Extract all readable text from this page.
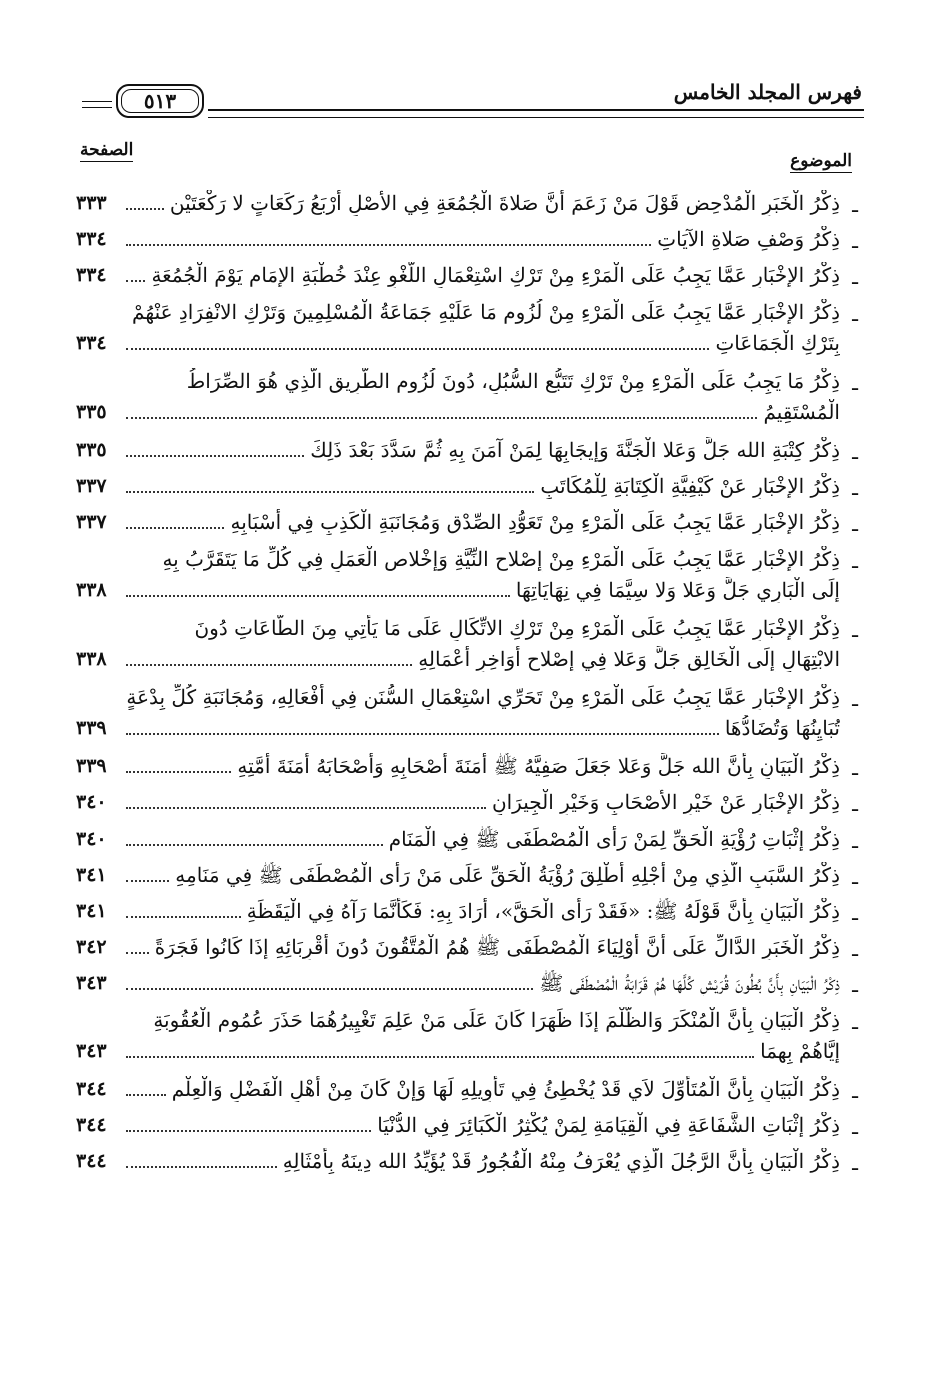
فهرس المجلد الخامس
٥١٣
الموضوع
الصفحة
ـ
ذِكْرُ الْخَبَرِ الْمُدْحِضِ قَوْلَ مَنْ زَعَمَ أَنَّ صَلاةَ الْجُمُعَةِ فِي الأَصْلِ أَرْبَعُ رَكَعَاتٍ لا رَكْعَتَيْنِ
٣٣٣
ـ
ذِكْرُ وَصْفِ صَلاةِ الآيَاتِ
٣٣٤
ـ
ذِكْرُ الإِخْبَارِ عَمَّا يَجِبُ عَلَى الْمَرْءِ مِنْ تَرْكِ اسْتِعْمَالِ اللَّغْوِ عِنْدَ خُطْبَةِ الإِمَامِ يَوْمَ الْجُمُعَةِ
٣٣٤
ـ
ذِكْرُ الإِخْبَارِ عَمَّا يَجِبُ عَلَى الْمَرْءِ مِنْ لُزُومِ مَا عَلَيْهِ جَمَاعَةُ الْمُسْلِمِينَ وَتَرْكِ الانْفِرَادِ عَنْهُمْ
بِتَرْكِ الْجَمَاعَاتِ
٣٣٤
ـ
ذِكْرُ مَا يَجِبُ عَلَى الْمَرْءِ مِنْ تَرْكِ تَتَبُّعِ السُّبُلِ، دُونَ لُزُومِ الطَّرِيقِ الَّذِي هُوَ الصِّرَاطُ
الْمُسْتَقِيمُ
٣٣٥
ـ
ذِكْرُ كِتْبَةِ الله جَلَّ وَعَلا الْجَنَّةَ وَإِيجَابِهَا لِمَنْ آمَنَ بِهِ ثُمَّ سَدَّدَ بَعْدَ ذَلِكَ
٣٣٥
ـ
ذِكْرُ الإِخْبَارِ عَنْ كَيْفِيَّةِ الْكِتَابَةِ لِلْمُكَاتَبِ
٣٣٧
ـ
ذِكْرُ الإِخْبَارِ عَمَّا يَجِبُ عَلَى الْمَرْءِ مِنْ تَعَوُّدِ الصِّدْقِ وَمُجَانَبَةِ الْكَذِبِ فِي أَسْبَابِهِ
٣٣٧
ـ
ذِكْرُ الإِخْبَارِ عَمَّا يَجِبُ عَلَى الْمَرْءِ مِنْ إِصْلاحِ النِّيَّةِ وَإِخْلاصِ الْعَمَلِ فِي كُلِّ مَا يَتَقَرَّبُ بِهِ
إِلَى الْبَارِي جَلَّ وَعَلا وَلا سِيَّمَا فِي نِهَايَاتِهَا
٣٣٨
ـ
ذِكْرُ الإِخْبَارِ عَمَّا يَجِبُ عَلَى الْمَرْءِ مِنْ تَرْكِ الاتِّكَالِ عَلَى مَا يَأْتِي مِنَ الطَّاعَاتِ دُونَ
الابْتِهَالِ إِلَى الْخَالِقِ جَلَّ وَعَلا فِي إِصْلاحِ أَوَاخِرِ أَعْمَالِهِ
٣٣٨
ـ
ذِكْرُ الإِخْبَارِ عَمَّا يَجِبُ عَلَى الْمَرْءِ مِنْ تَحَرِّي اسْتِعْمَالِ السُّنَنِ فِي أَفْعَالِهِ، وَمُجَانَبَةِ كُلِّ بِدْعَةٍ
تُبَايِنُهَا وَتُضَادُّهَا
٣٣٩
ـ
ذِكْرُ الْبَيَانِ بِأَنَّ الله جَلَّ وَعَلا جَعَلَ صَفِيَّهُ ﷺ أَمَنَةَ أَصْحَابِهِ وَأَصْحَابَهُ أَمَنَةَ أُمَّتِهِ
٣٣٩
ـ
ذِكْرُ الإِخْبَارِ عَنْ خَيْرِ الأَصْحَابِ وَخَيْرِ الْجِيرَانِ
٣٤٠
ـ
ذِكْرُ إِثْبَاتِ رُؤْيَةِ الْحَقِّ لِمَنْ رَأَى الْمُصْطَفَى ﷺ فِي الْمَنَامِ
٣٤٠
ـ
ذِكْرُ السَّبَبِ الَّذِي مِنْ أَجْلِهِ أُطْلِقَ رُؤْيَةُ الْحَقِّ عَلَى مَنْ رَأَى الْمُصْطَفَى ﷺ فِي مَنَامِهِ
٣٤١
ـ
ذِكْرُ الْبَيَانِ بِأَنَّ قَوْلَهُ ﷺ: «فَقَدْ رَأَى الْحَقَّ»، أَرَادَ بِهِ: فَكَأَنَّمَا رَآهُ فِي الْيَقَظَةِ
٣٤١
ـ
ذِكْرُ الْخَبَرِ الدَّالِّ عَلَى أَنَّ أَوْلِيَاءَ الْمُصْطَفَى ﷺ هُمُ الْمُتَّقُونَ دُونَ أَقْرِبَائِهِ إِذَا كَانُوا فَجَرَةً
٣٤٢
ـ
ذِكْرُ الْبَيَانِ بِأَنَّ بُطُونَ قُرَيْشٍ كُلَّهَا هُمْ قَرَابَةُ الْمُصْطَفَى ﷺ
٣٤٣
ـ
ذِكْرُ الْبَيَانِ بِأَنَّ الْمُنْكَرَ وَالظُّلْمَ إِذَا ظَهَرَا كَانَ عَلَى مَنْ عَلِمَ تَغْيِيرُهُمَا حَذَرَ عُمُومِ الْعُقُوبَةِ
إِيَّاهُمْ بِهِمَا
٣٤٣
ـ
ذِكْرُ الْبَيَانِ بِأَنَّ الْمُتَأَوِّلَ لاَيِ قَدْ يُخْطِئُ فِي تَأْوِيلِهِ لَهَا وَإِنْ كَانَ مِنْ أَهْلِ الْفَضْلِ وَالْعِلْمِ
٣٤٤
ـ
ذِكْرُ إِثْبَاتِ الشَّفَاعَةِ فِي الْقِيَامَةِ لِمَنْ يُكْثِرُ الْكَبَائِرَ فِي الدُّنْيَا
٣٤٤
ـ
ذِكْرُ الْبَيَانِ بِأَنَّ الرَّجُلَ الَّذِي يُعْرَفُ مِنْهُ الْفُجُورُ قَدْ يُؤَيِّدُ الله دِينَهُ بِأَمْثَالِهِ
٣٤٤
